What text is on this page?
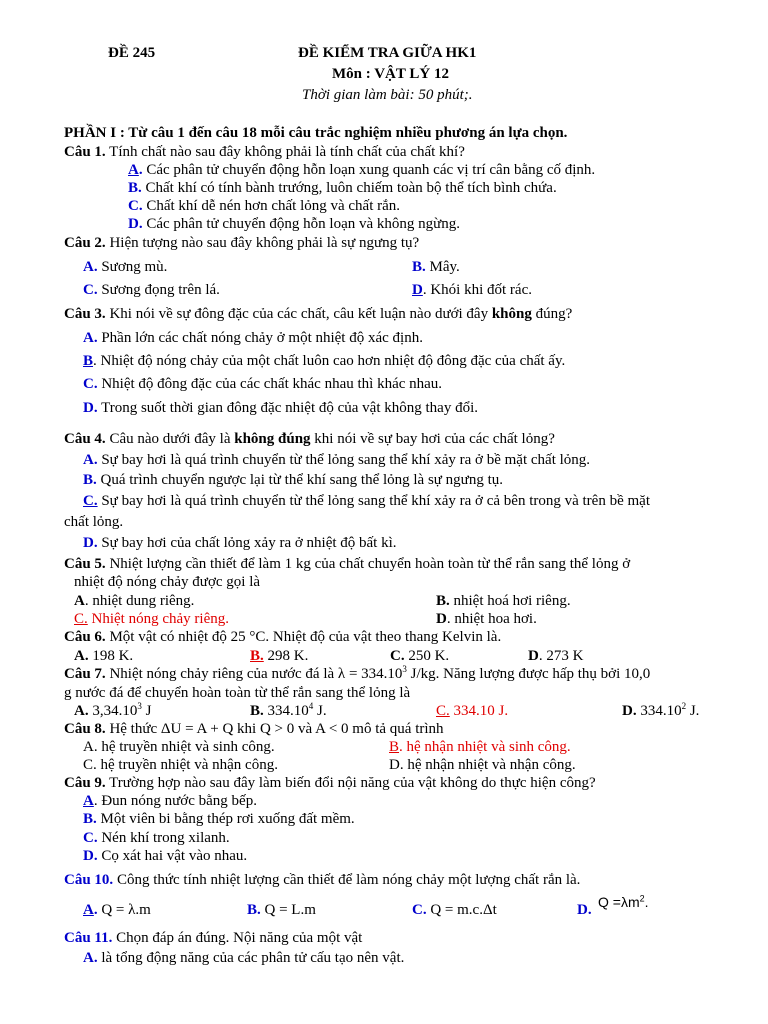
ĐỀ 245	ĐỀ KIỂM TRA GIỮA HK1
Môn : VẬT LÝ 12
Thời gian làm bài: 50 phút;.
PHẦN I : Từ câu 1 đến câu 18 mỗi câu trắc nghiệm nhiều phương án lựa chọn.
Câu 1. Tính chất nào sau đây không phải là tính chất của chất khí?
A. Các phân tử chuyển động hỗn loạn xung quanh các vị trí cân bằng cố định.
B. Chất khí có tính bành trướng, luôn chiếm toàn bộ thể tích bình chứa.
C. Chất khí dễ nén hơn chất lỏng và chất rắn.
D. Các phân tử chuyển động hỗn loạn và không ngừng.
Câu 2. Hiện tượng nào sau đây không phải là sự ngưng tụ?
A. Sương mù.	B. Mây.
C. Sương đọng trên lá.	D. Khói khi đốt rác.
Câu 3. Khi nói về sự đông đặc của các chất, câu kết luận nào dưới đây không đúng?
A. Phần lớn các chất nóng chảy ở một nhiệt độ xác định.
B. Nhiệt độ nóng chảy của một chất luôn cao hơn nhiệt độ đông đặc của chất ấy.
C. Nhiệt độ đông đặc của các chất khác nhau thì khác nhau.
D. Trong suốt thời gian đông đặc nhiệt độ của vật không thay đổi.
Câu 4. Câu nào dưới đây là không đúng khi nói về sự bay hơi của các chất lỏng?
A. Sự bay hơi là quá trình chuyển từ thể lỏng sang thể khí xảy ra ở bề mặt chất lỏng.
B. Quá trình chuyển ngược lại từ thể khí sang thể lỏng là sự ngưng tụ.
C. Sự bay hơi là quá trình chuyển từ thể lỏng sang thể khí xảy ra ở cả bên trong và trên bề mặt
chất lỏng.
D. Sự bay hơi của chất lỏng xảy ra ở nhiệt độ bất kì.
Câu 5. Nhiệt lượng cần thiết để làm 1 kg của chất chuyển hoàn toàn từ thể rắn sang thể lỏng ở
nhiệt độ nóng chảy được gọi là
A. nhiệt dung riêng.	B. nhiệt hoá hơi riêng.
C. Nhiệt nóng chảy riêng.	D. nhiệt hoa hơi.
Câu 6. Một vật có nhiệt độ 25 °C. Nhiệt độ của vật theo thang Kelvin là.
A. 198 K.	B. 298 K.	C. 250 K.	D. 273 K
Câu 7. Nhiệt nóng chảy riêng của nước đá là $\lambda = 334.10^3$ J/kg. Năng lượng được hấp thụ bởi 10,0
g nước đá để chuyển hoàn toàn từ thể rắn sang thể lỏng là
A. 3,34.10$^3$ J	B. 334.10$^4$ J.	C. 334.10 J.	D. 334.10$^2$ J.
Câu 8. Hệ thức ΔU = A + Q khi Q > 0 và A < 0 mô tả quá trình
A. hệ truyền nhiệt và sinh công.	B. hệ nhận nhiệt và sinh công.
C. hệ truyền nhiệt và nhận công.	D. hệ nhận nhiệt và nhận công.
Câu 9. Trường hợp nào sau đây làm biến đổi nội năng của vật không do thực hiện công?
A. Đun nóng nước bằng bếp.
B. Một viên bi bằng thép rơi xuống đất mềm.
C. Nén khí trong xilanh.
D. Cọ xát hai vật vào nhau.
Câu 10. Công thức tính nhiệt lượng cần thiết để làm nóng chảy một lượng chất rắn là.
A. Q = λ.m	B. Q = L.m	C. Q = m.c.Δt	D. $Q =\lambda m^2$.
Câu 11. Chọn đáp án đúng. Nội năng của một vật
A. là tổng động năng của các phân tử cấu tạo nên vật.
